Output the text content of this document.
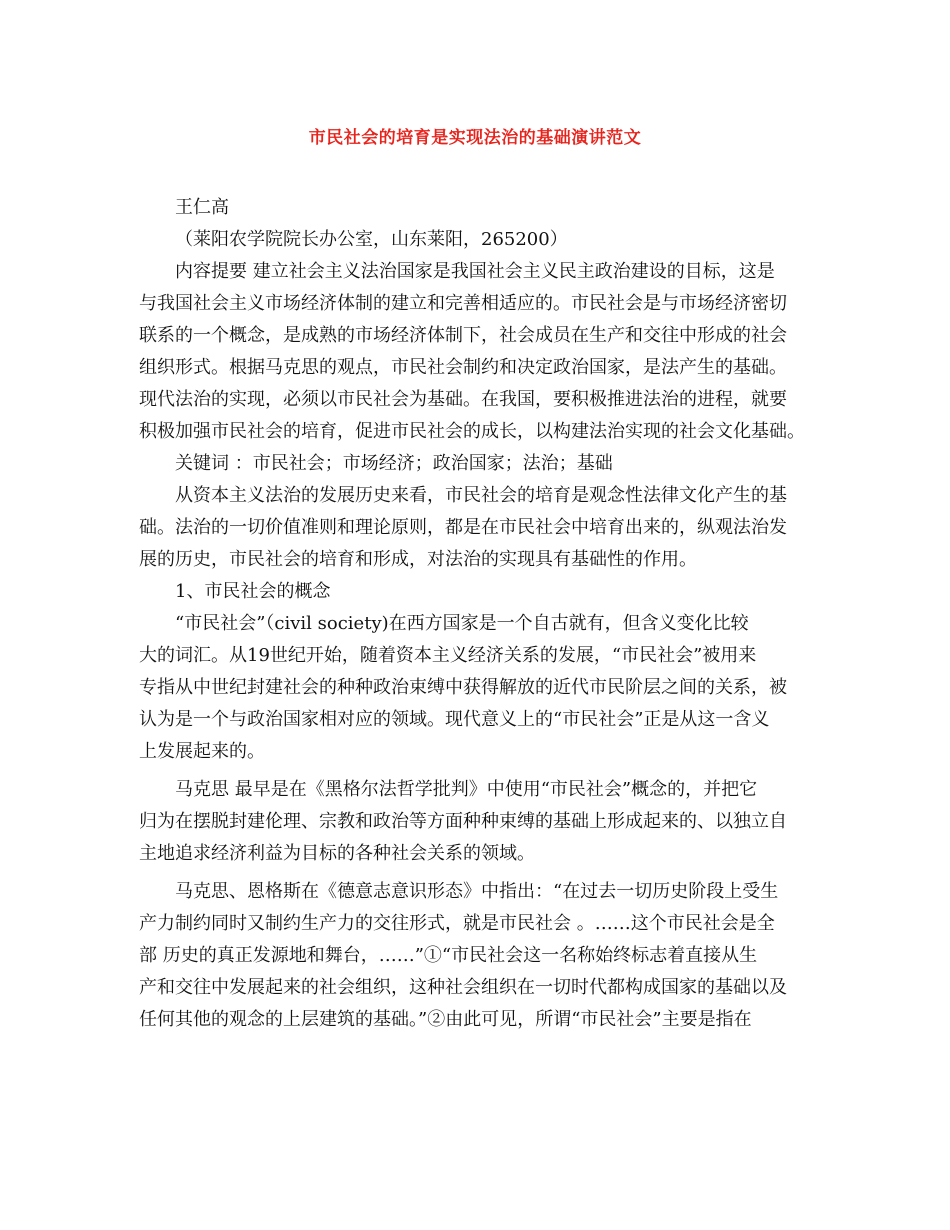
市民社会的培育是实现法治的基础演讲范文
王仁高
（莱阳农学院院长办公室，山东莱阳，265200）
内容提要 建立社会主义法治国家是我国社会主义民主政治建设的目标，这是
与我国社会主义市场经济体制的建立和完善相适应的。市民社会是与市场经济密切
联系的一个概念，是成熟的市场经济体制下，社会成员在生产和交往中形成的社会
组织形式。根据马克思的观点，市民社会制约和决定政治国家，是法产生的基础。
现代法治的实现，必须以市民社会为基础。在我国，要积极推进法治的进程，就要
积极加强市民社会的培育，促进市民社会的成长，以构建法治实现的社会文化基础。
关键词 ：市民社会；市场经济；政治国家；法治；基础
从资本主义法治的发展历史来看，市民社会的培育是观念性法律文化产生的基
础。法治的一切价值准则和理论原则，都是在市民社会中培育出来的，纵观法治发
展的历史，市民社会的培育和形成，对法治的实现具有基础性的作用。
1、市民社会的概念
“市民社会”（civil society)在西方国家是一个自古就有，但含义变化比较
大的词汇。从19世纪开始，随着资本主义经济关系的发展，“市民社会”被用来
专指从中世纪封建社会的种种政治束缚中获得解放的近代市民阶层之间的关系，被
认为是一个与政治国家相对应的领域。现代意义上的“市民社会”正是从这一含义
上发展起来的。
马克思 最早是在《黑格尔法哲学批判》中使用“市民社会”概念的，并把它
归为在摆脱封建伦理、宗教和政治等方面种种束缚的基础上形成起来的、以独立自
主地追求经济利益为目标的各种社会关系的领域。
马克思、恩格斯在《德意志意识形态》中指出：“在过去一切历史阶段上受生
产力制约同时又制约生产力的交往形式，就是市民社会 。……这个市民社会是全
部 历史的真正发源地和舞台，……”①“市民社会这一名称始终标志着直接从生
产和交往中发展起来的社会组织，这种社会组织在一切时代都构成国家的基础以及
任何其他的观念的上层建筑的基础。”②由此可见，所谓“市民社会”主要是指在
